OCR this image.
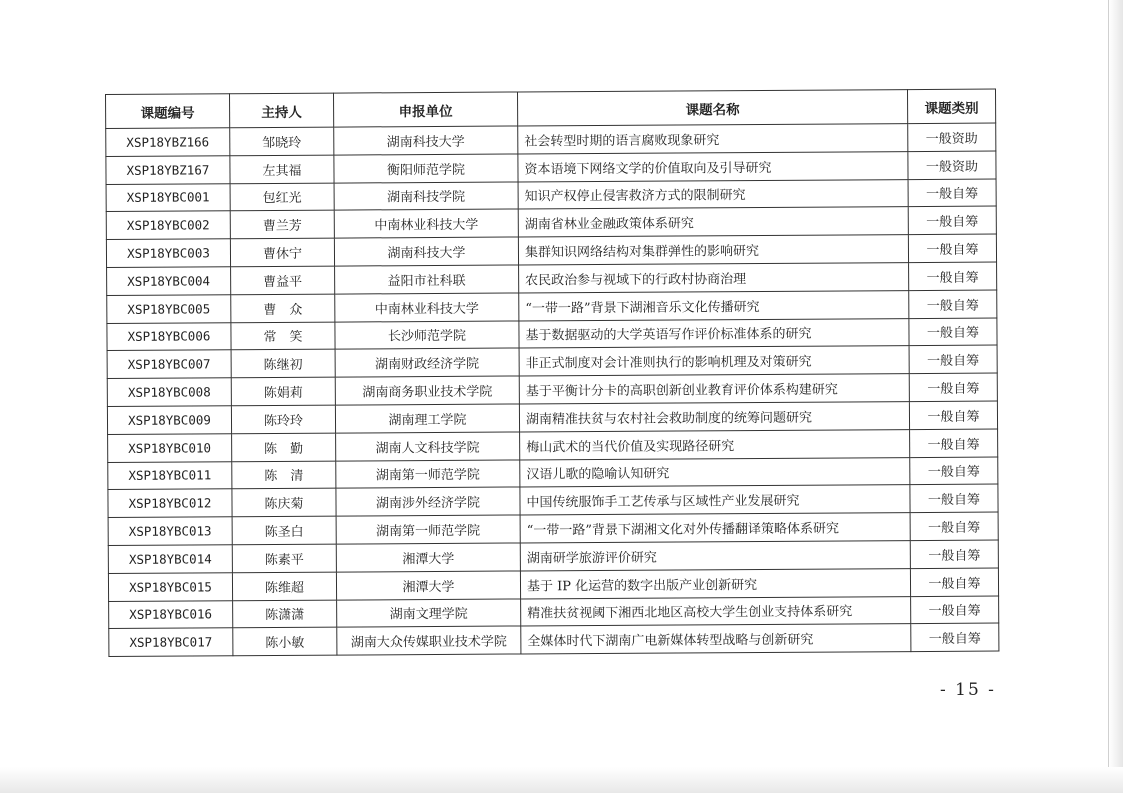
课题编号	主持人	申报单位	课题名称	课题类别
XSP18YBZ166	邹晓玲	湖南科技大学	社会转型时期的语言腐败现象研究	一般资助
XSP18YBZ167	左其福	衡阳师范学院	资本语境下网络文学的价值取向及引导研究	一般资助
XSP18YBC001	包红光	湖南科技学院	知识产权停止侵害救济方式的限制研究	一般自筹
XSP18YBC002	曹兰芳	中南林业科技大学	湖南省林业金融政策体系研究	一般自筹
XSP18YBC003	曹休宁	湖南科技大学	集群知识网络结构对集群弹性的影响研究	一般自筹
XSP18YBC004	曹益平	益阳市社科联	农民政治参与视域下的行政村协商治理	一般自筹
XSP18YBC005	曹　众	中南林业科技大学	“一带一路”背景下湖湘音乐文化传播研究	一般自筹
XSP18YBC006	常　笑	长沙师范学院	基于数据驱动的大学英语写作评价标准体系的研究	一般自筹
XSP18YBC007	陈继初	湖南财政经济学院	非正式制度对会计准则执行的影响机理及对策研究	一般自筹
XSP18YBC008	陈娟莉	湖南商务职业技术学院	基于平衡计分卡的高职创新创业教育评价体系构建研究	一般自筹
XSP18YBC009	陈玲玲	湖南理工学院	湖南精准扶贫与农村社会救助制度的统筹问题研究	一般自筹
XSP18YBC010	陈　勤	湖南人文科技学院	梅山武术的当代价值及实现路径研究	一般自筹
XSP18YBC011	陈　清	湖南第一师范学院	汉语儿歌的隐喻认知研究	一般自筹
XSP18YBC012	陈庆菊	湖南涉外经济学院	中国传统服饰手工艺传承与区域性产业发展研究	一般自筹
XSP18YBC013	陈圣白	湖南第一师范学院	“一带一路”背景下湖湘文化对外传播翻译策略体系研究	一般自筹
XSP18YBC014	陈素平	湘潭大学	湖南研学旅游评价研究	一般自筹
XSP18YBC015	陈维超	湘潭大学	基于 IP 化运营的数字出版产业创新研究	一般自筹
XSP18YBC016	陈潇潇	湖南文理学院	精准扶贫视阈下湘西北地区高校大学生创业支持体系研究	一般自筹
XSP18YBC017	陈小敏	湖南大众传媒职业技术学院	全媒体时代下湖南广电新媒体转型战略与创新研究	一般自筹
- 15 -
